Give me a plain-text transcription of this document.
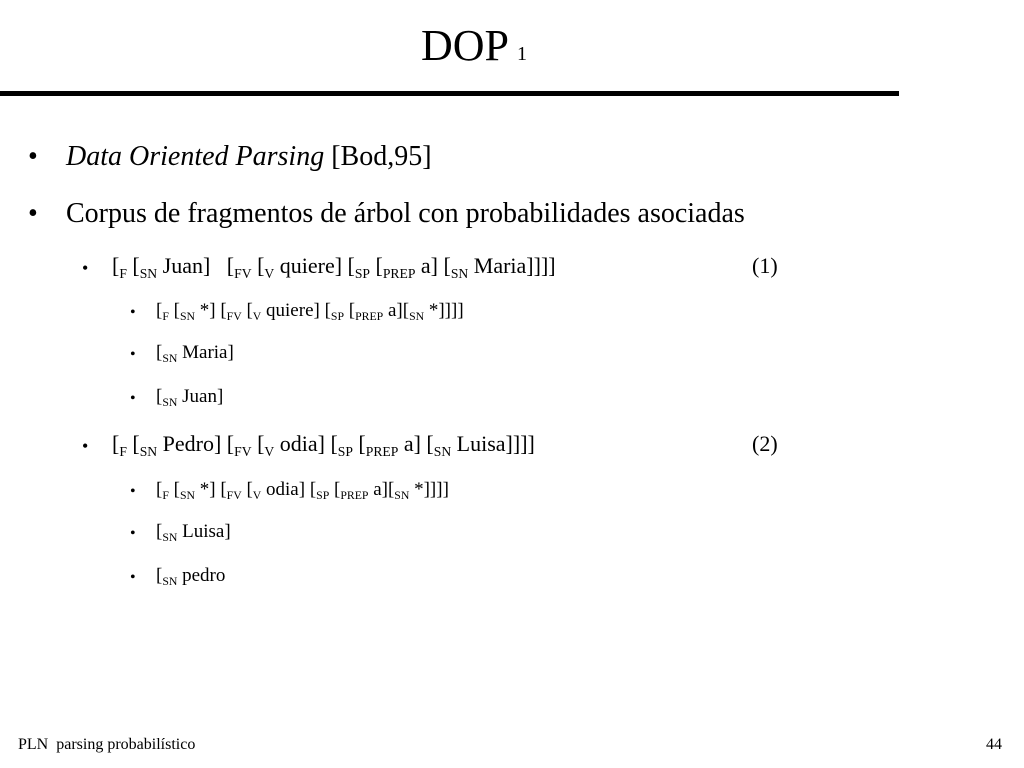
DOP 1

•

Data Oriented Parsing [Bod,95]

•

Corpus de fragmentos de árbol con probabilidades asociadas

•

[$_F$ [$_{SN}$ Juan]   [$_{FV}$ [$_V$ quiere] [$_{SP}$ [$_{PREP}$ a] [$_{SN}$ Maria]]]]

	(1)

•

[$_F$ [$_{SN}$ *] [$_{FV}$ [$_V$ quiere] [$_{SP}$ [$_{PREP}$ $a][_{SN}$ *]]]]

•

[$_{SN}$ Maria]

•

[$_{SN}$ Juan]

•

[$_F$ [$_{SN}$ Pedro] [$_{FV}$ [$_V$ odia] [$_{SP}$ [$_{PREP}$ a] [$_{SN}$ Luisa]]]]

	(2)

•

[$_F$ [$_{SN}$ *] [$_{FV}$ [$_V$ odia] [$_{SP}$ [$_{PREP}$ $a][_{SN}$ *]]]]

•

[$_{SN}$ Luisa]

•

[$_{SN}$ pedro

PLN  parsing probabilístico	44
